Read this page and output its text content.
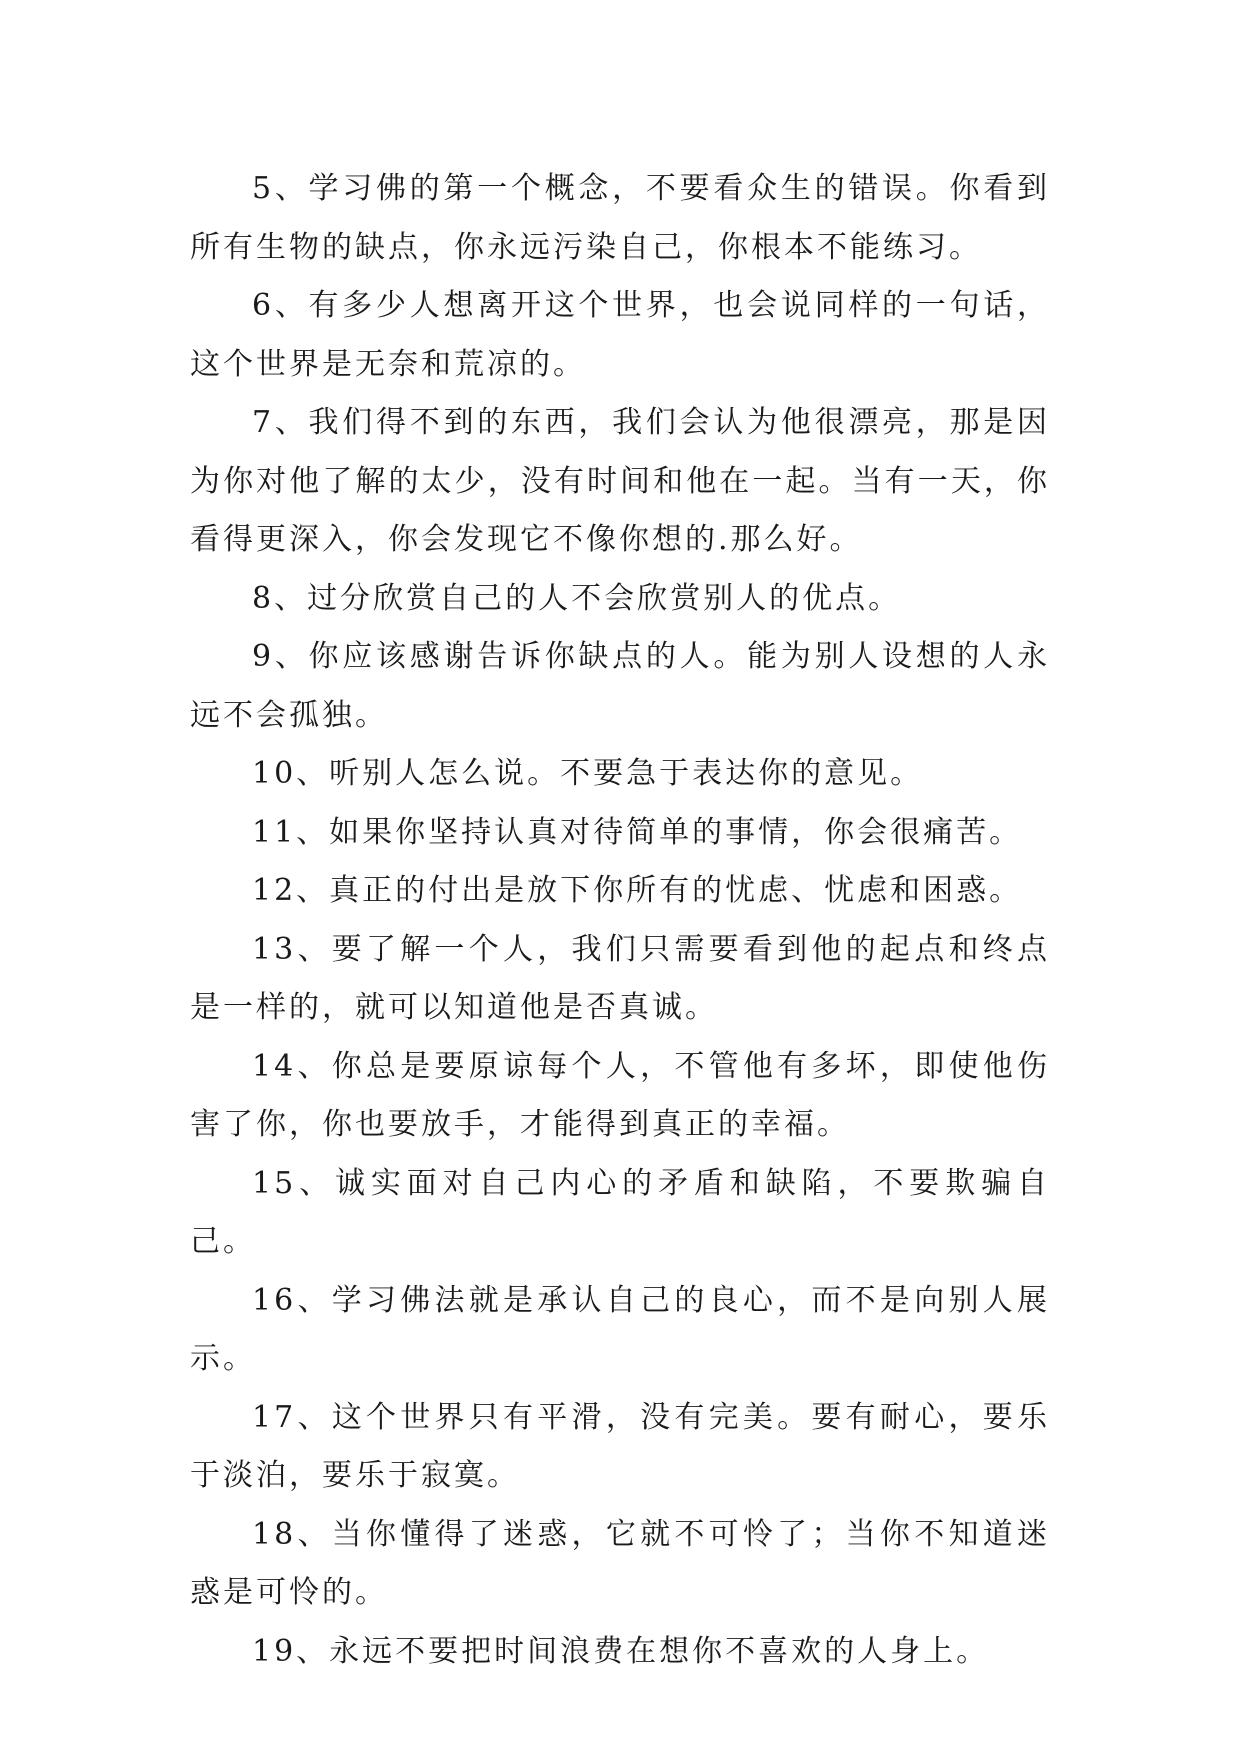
5、学习佛的第一个概念，不要看众生的错误。你看到所有生物的缺点，你永远污染自己，你根本不能练习。

6、有多少人想离开这个世界，也会说同样的一句话，这个世界是无奈和荒凉的。

7、我们得不到的东西，我们会认为他很漂亮，那是因为你对他了解的太少，没有时间和他在一起。当有一天，你看得更深入，你会发现它不像你想的.那么好。

8、过分欣赏自己的人不会欣赏别人的优点。

9、你应该感谢告诉你缺点的人。能为别人设想的人永远不会孤独。

10、听别人怎么说。不要急于表达你的意见。

11、如果你坚持认真对待简单的事情，你会很痛苦。

12、真正的付出是放下你所有的忧虑、忧虑和困惑。

13、要了解一个人，我们只需要看到他的起点和终点是一样的，就可以知道他是否真诚。

14、你总是要原谅每个人，不管他有多坏，即使他伤害了你，你也要放手，才能得到真正的幸福。

15、诚实面对自己内心的矛盾和缺陷，不要欺骗自己。

16、学习佛法就是承认自己的良心，而不是向别人展示。

17、这个世界只有平滑，没有完美。要有耐心，要乐于淡泊，要乐于寂寞。

18、当你懂得了迷惑，它就不可怜了；当你不知道迷惑是可怜的。

19、永远不要把时间浪费在想你不喜欢的人身上。
